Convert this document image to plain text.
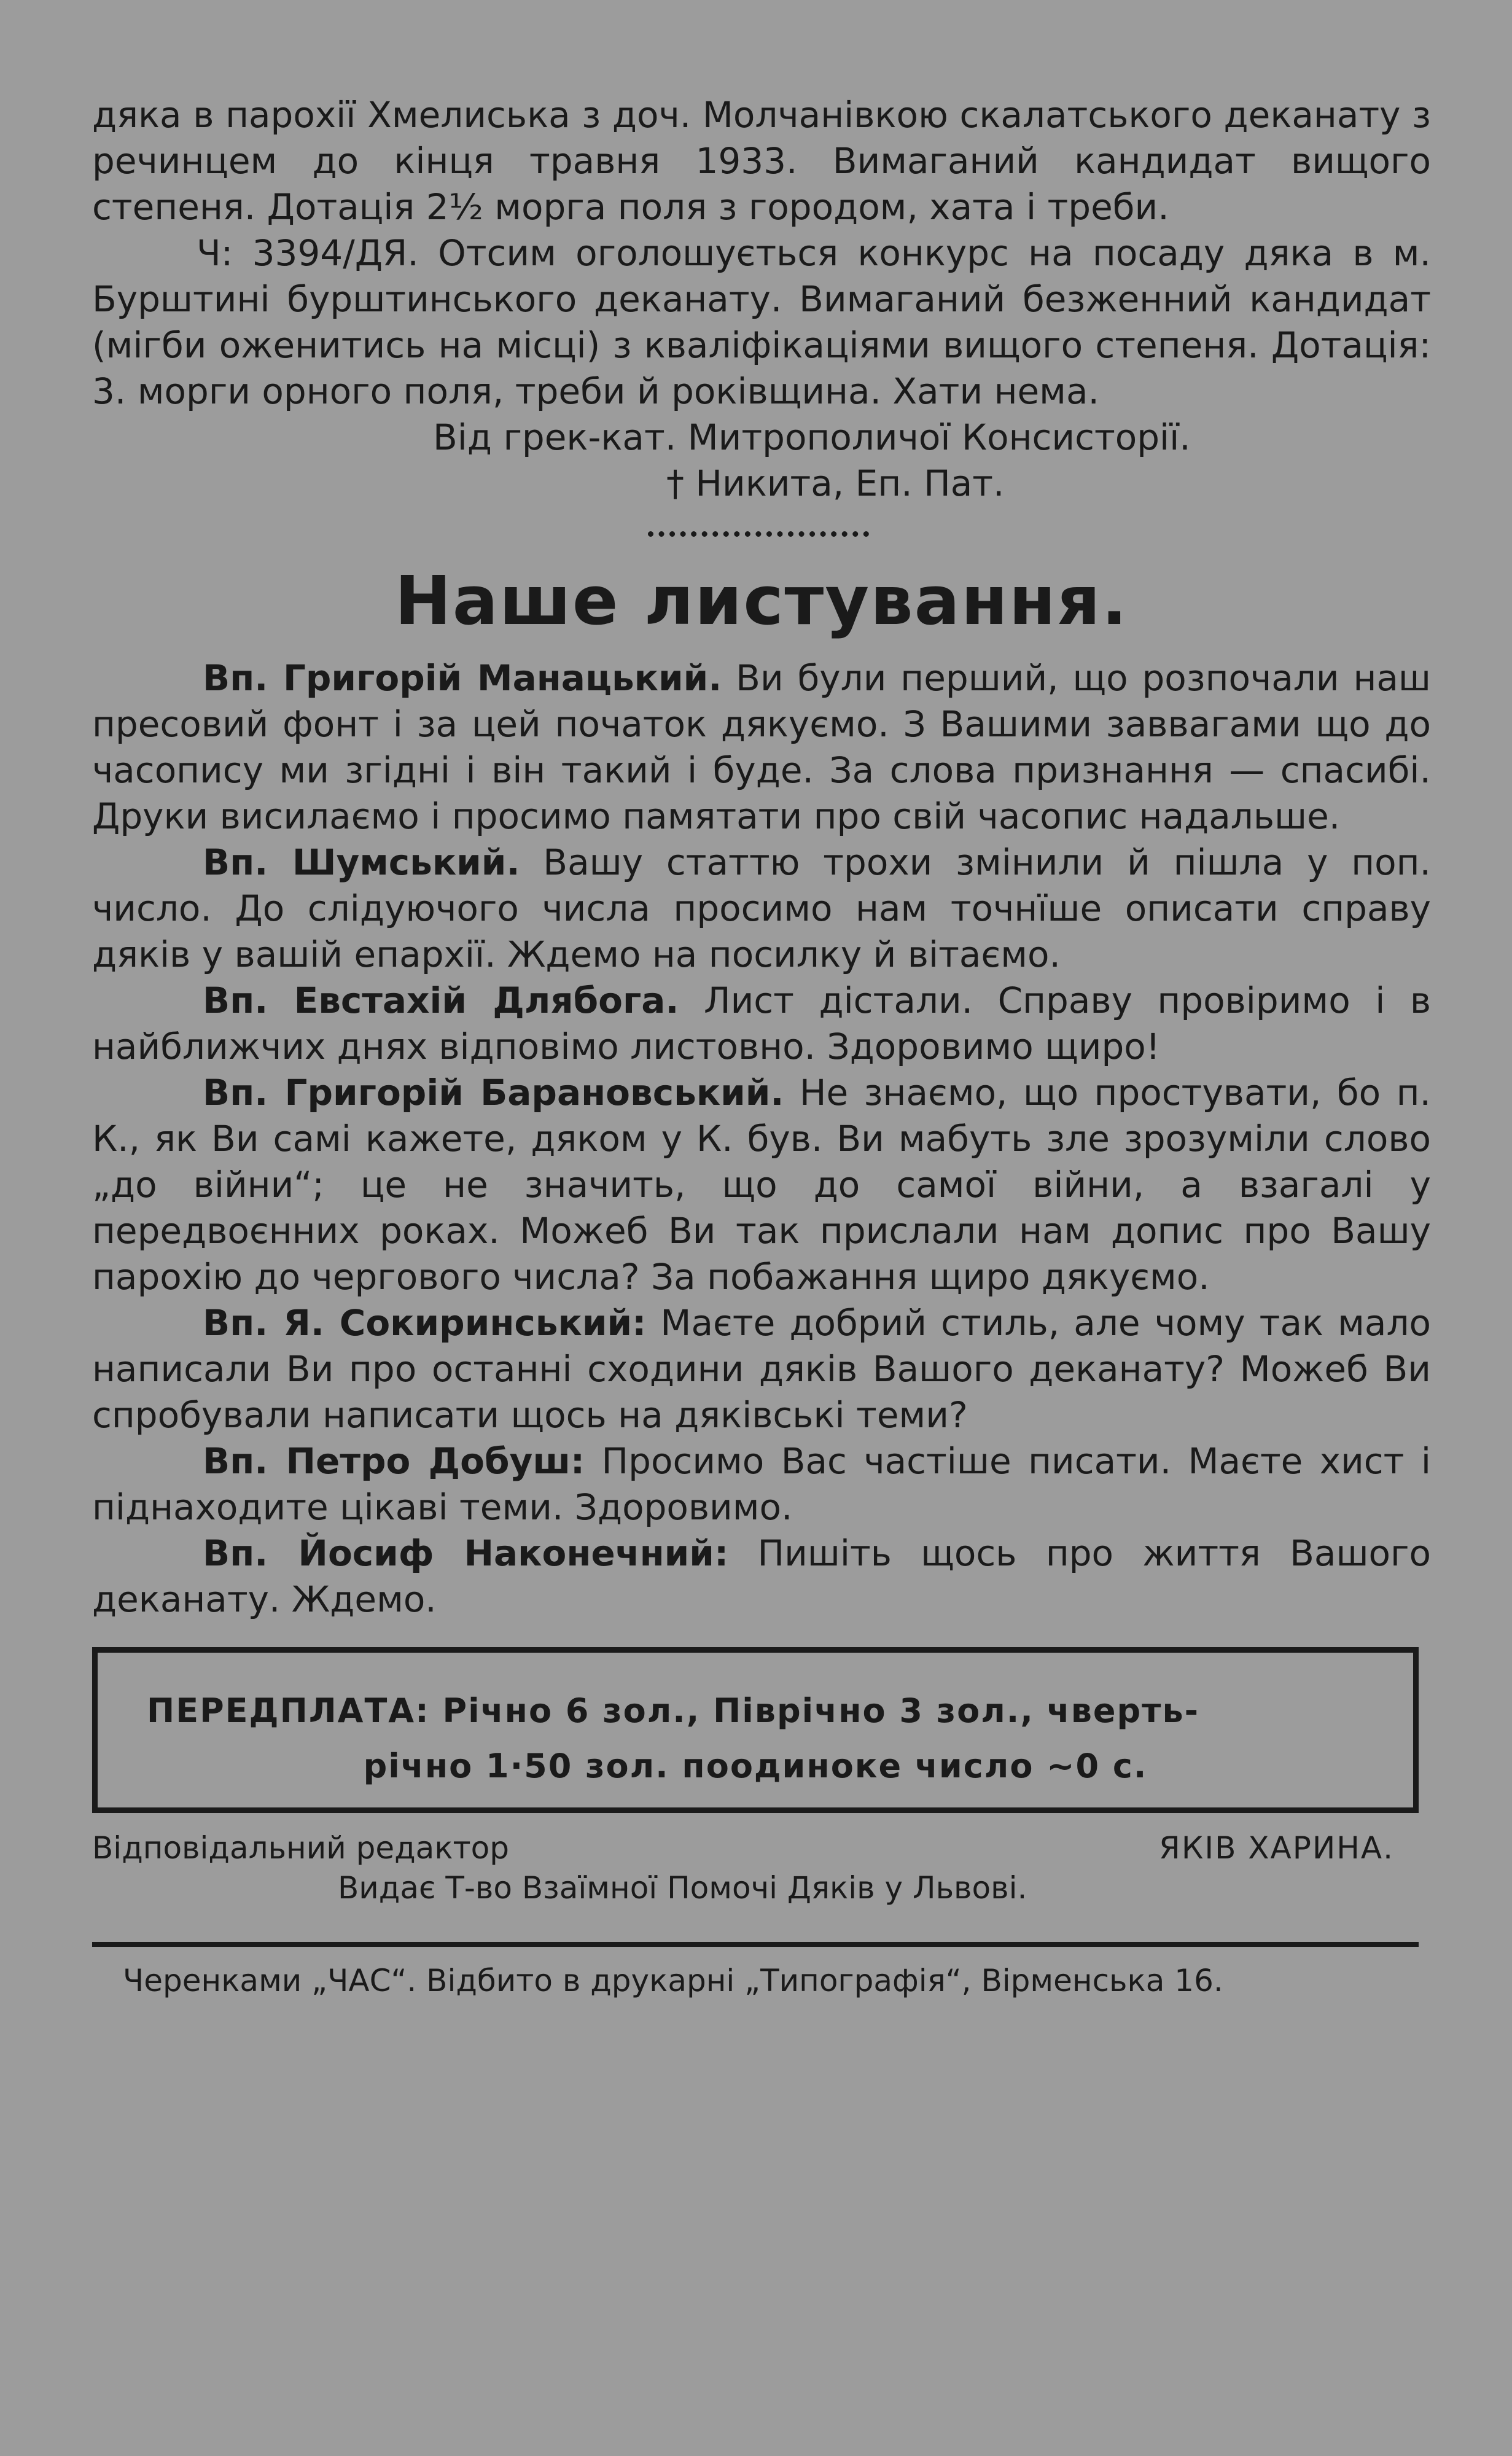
дяка в парохії Хмелиська з доч. Молчанівкою скалатського деканату з речинцем до кінця травня 1933. Вимаганий кандидат вищого степеня. Дотація 2½ морга поля з городом, хата і треби.

Ч: 3394/ДЯ. Отсим оголошується конкурс на посаду дяка в м. Бурштині бурштинського деканату. Вимаганий безженний кандидат (мігби оженитись на місці) з кваліфікаціями вищого степеня. Дотація: 3. морги орного поля, треби й роківщина. Хати нема.

Від грек-кат. Митрополичої Консисторії.

† Никита, Еп. Пат.

Наше листування.

Вп. Григорій Манацький. Ви були перший, що розпочали наш пресовий фонт і за цей початок дякуємо. З Вашими заввагами що до часопису ми згідні і він такий і буде. За слова признання — спасибі. Друки висилаємо і просимо памятати про свій часопис надальше.

Вп. Шумський. Вашу статтю трохи змінили й пішла у поп. число. До слідуючого числа просимо нам точнїше описати справу дяків у вашій епархії. Ждемо на посилку й вітаємо.

Вп. Евстахій Длябога. Лист дістали. Справу провіримо і в найближчих днях відповімо листовно. Здоровимо щиро!

Вп. Григорій Барановський. Не знаємо, що простувати, бо п. К., як Ви самі кажете, дяком у К. був. Ви мабуть зле зрозуміли слово „до війни“; це не значить, що до самої війни, а взагалі у передвоєнних роках. Можеб Ви так прислали нам допис про Вашу парохію до чергового числа? За побажання щиро дякуємо.

Вп. Я. Сокиринський: Маєте добрий стиль, але чому так мало написали Ви про останні сходини дяків Вашого деканату? Можеб Ви спробували написати щось на дяківські теми?

Вп. Петро Добуш: Просимо Вас частіше писати. Маєте хист і піднаходите цікаві теми. Здоровимо.

Вп. Йосиф Наконечний: Пишіть щось про життя Вашого деканату. Ждемо.

ПЕРЕДПЛАТА: Річно 6 зол., Піврічно 3 зол., чверть-
річно 1·50 зол. поодиноке число ~0 с.
Відповідальний редактор	ЯКІВ ХАРИНА.
Видає Т-во Взаїмної Помочі Дяків у Львові.
Черенками „ЧАС“. Відбито в друкарні „Типографія“, Вірменська 16.
